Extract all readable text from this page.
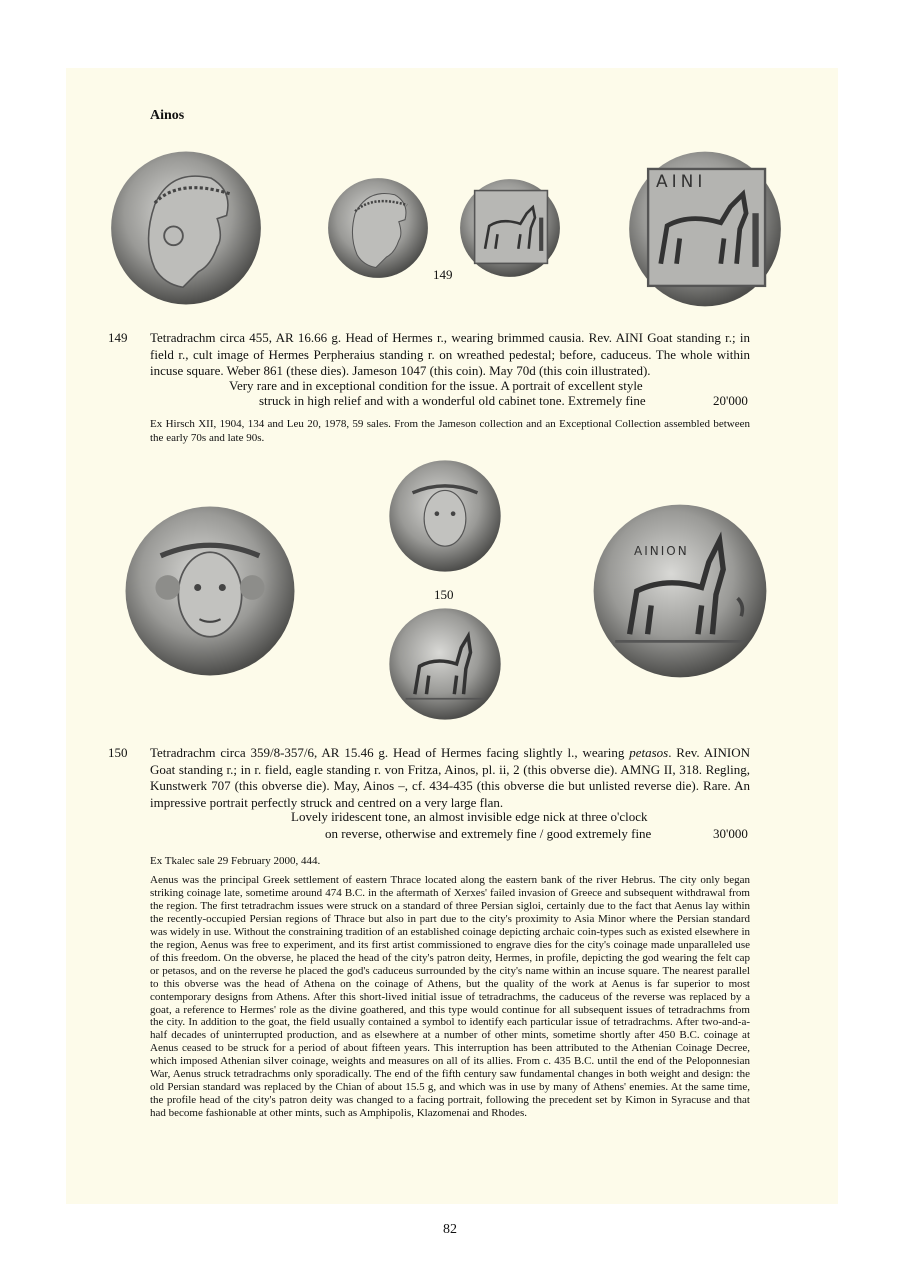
Ainos
AINI
149
149 Tetradrachm circa 455, AR 16.66 g. Head of Hermes r., wearing brimmed causia. Rev. AINI Goat standing r.; in field r., cult image of Hermes Perpheraius standing r. on wreathed pedestal; before, caduceus. The whole within incuse square. Weber 861 (these dies). Jameson 1047 (this coin). May 70d (this coin illustrated).
Very rare and in exceptional condition for the issue. A portrait of excellent style
struck in high relief and with a wonderful old cabinet tone. Extremely fine	20'000
Ex Hirsch XII, 1904, 134 and Leu 20, 1978, 59 sales. From the Jameson collection and an Exceptional Collection assembled between the early 70s and late 90s.
150
AINION
150 Tetradrachm circa 359/8-357/6, AR 15.46 g. Head of Hermes facing slightly l., wearing petasos. Rev. AINION Goat standing r.; in r. field, eagle standing r. von Fritza, Ainos, pl. ii, 2 (this obverse die). AMNG II, 318. Regling, Kunstwerk 707 (this obverse die). May, Ainos –, cf. 434-435 (this obverse die but unlisted reverse die). Rare. An impressive portrait perfectly struck and centred on a very large flan.
Lovely iridescent tone, an almost invisible edge nick at three o'clock
on reverse, otherwise and extremely fine / good extremely fine	30'000
Ex Tkalec sale 29 February 2000, 444.
Aenus was the principal Greek settlement of eastern Thrace located along the eastern bank of the river Hebrus. The city only began striking coinage late, sometime around 474 B.C. in the aftermath of Xerxes' failed invasion of Greece and subsequent withdrawal from the region. The first tetradrachm issues were struck on a standard of three Persian sigloi, certainly due to the fact that Aenus lay within the recently-occupied Persian regions of Thrace but also in part due to the city's proximity to Asia Minor where the Persian standard was widely in use. Without the constraining tradition of an established coinage depicting archaic coin-types such as existed elsewhere in the region, Aenus was free to experiment, and its first artist commissioned to engrave dies for the city's coinage made unparalleled use of this freedom. On the obverse, he placed the head of the city's patron deity, Hermes, in profile, depicting the god wearing the felt cap or petasos, and on the reverse he placed the god's caduceus surrounded by the city's name within an incuse square. The nearest parallel to this obverse was the head of Athena on the coinage of Athens, but the quality of the work at Aenus is far superior to most contemporary designs from Athens. After this short-lived initial issue of tetradrachms, the caduceus of the reverse was replaced by a goat, a reference to Hermes' role as the divine goathered, and this type would continue for all subsequent issues of tetradrachms from the city. In addition to the goat, the field usually contained a symbol to identify each particular issue of tetradrachms. After two-and-a-half decades of uninterrupted production, and as elsewhere at a number of other mints, sometime shortly after 450 B.C. coinage at Aenus ceased to be struck for a period of about fifteen years. This interruption has been attributed to the Athenian Coinage Decree, which imposed Athenian silver coinage, weights and measures on all of its allies. From c. 435 B.C. until the end of the Peloponnesian War, Aenus struck tetradrachms only sporadically. The end of the fifth century saw fundamental changes in both weight and design: the old Persian standard was replaced by the Chian of about 15.5 g, and which was in use by many of Athens' enemies. At the same time, the profile head of the city's patron deity was changed to a facing portrait, following the precedent set by Kimon in Syracuse and that had become fashionable at other mints, such as Amphipolis, Klazomenai and Rhodes.
82
